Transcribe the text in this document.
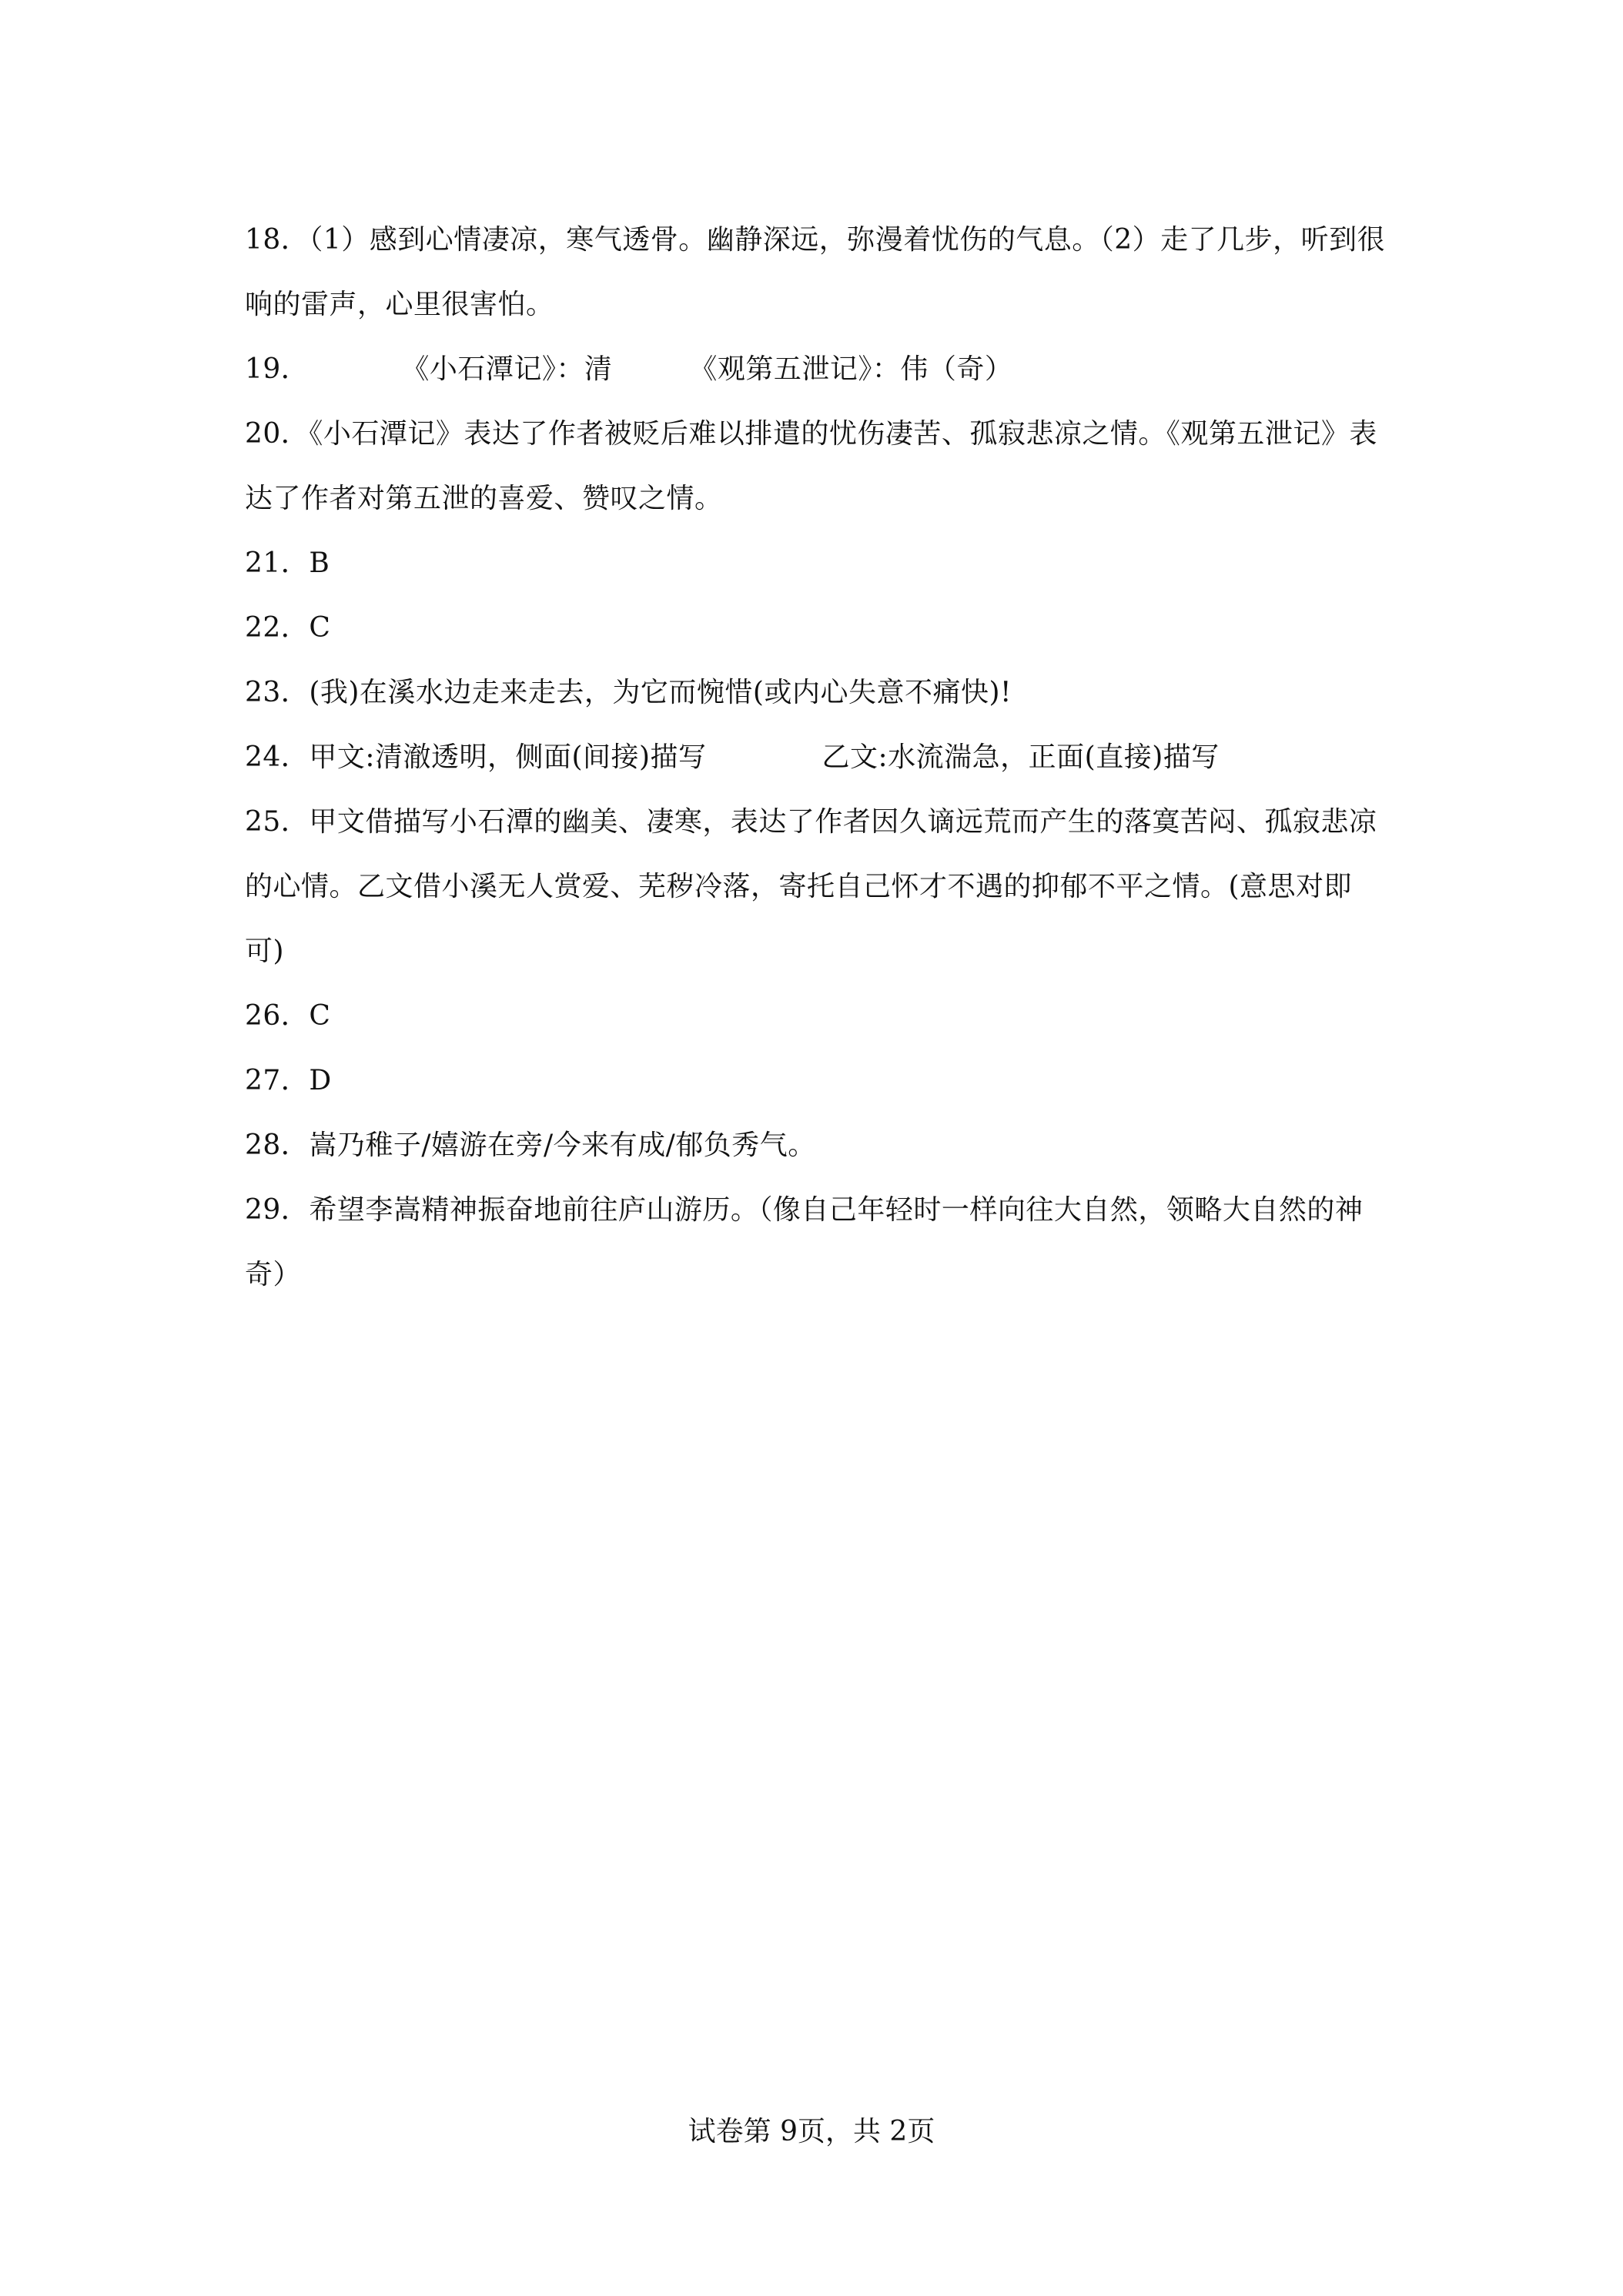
18．（1）感到心情凄凉，寒气透骨。幽静深远，弥漫着忧伤的气息。（2）走了几步，听到很响的雷声，心里很害怕。

19．	《小石潭记》：清	《观第五泄记》：伟（奇）

20．《小石潭记》表达了作者被贬后难以排遣的忧伤凄苦、孤寂悲凉之情。《观第五泄记》表达了作者对第五泄的喜爱、赞叹之情。

21．B

22．C

23．(我)在溪水边走来走去，为它而惋惜(或内心失意不痛快)!

24．甲文:清澈透明，侧面(间接)描写	乙文:水流湍急，正面(直接)描写

25．甲文借描写小石潭的幽美、凄寒，表达了作者因久谪远荒而产生的落寞苦闷、孤寂悲凉的心情。乙文借小溪无人赏爱、芜秽冷落，寄托自己怀才不遇的抑郁不平之情。(意思对即可)

26．C

27．D

28．嵩乃稚子/嬉游在旁/今来有成/郁负秀气。

29．希望李嵩精神振奋地前往庐山游历。（像自己年轻时一样向往大自然，领略大自然的神奇）

试卷第 9页，共 2页
